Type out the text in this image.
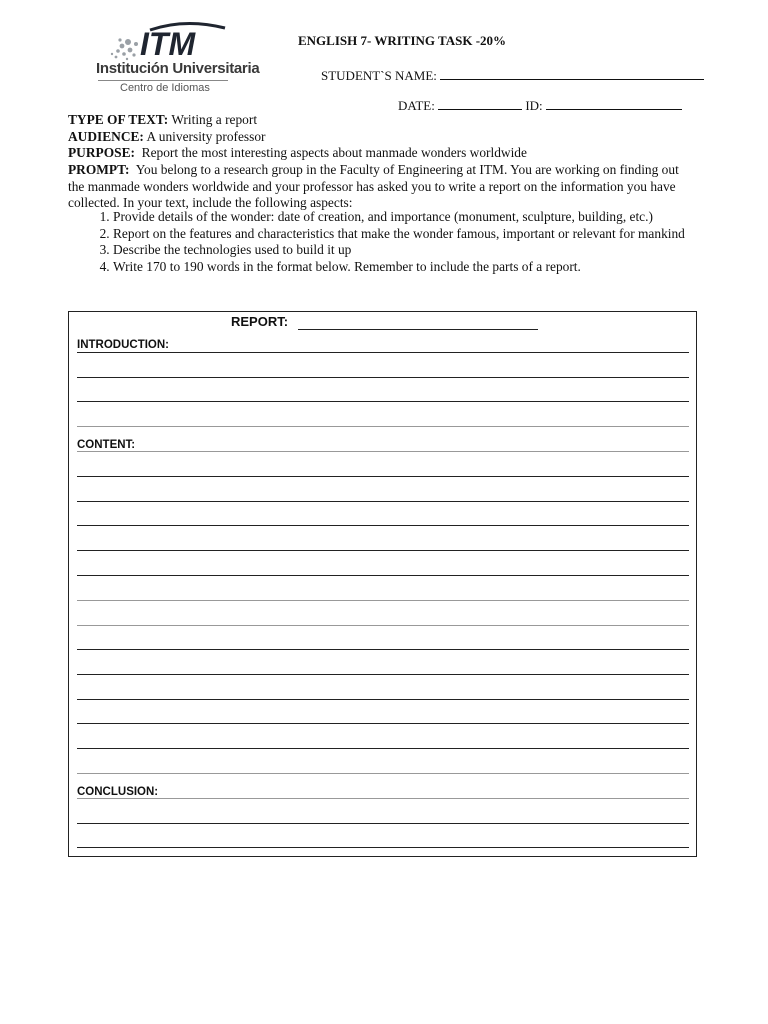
ITM
Institución Universitaria
Centro de Idiomas
ENGLISH 7- WRITING TASK -20%
STUDENT`S NAME:
DATE:	ID:
TYPE OF TEXT: Writing a report
AUDIENCE: A university professor
PURPOSE: Report the most interesting aspects about manmade wonders worldwide
PROMPT: You belong to a research group in the Faculty of Engineering at ITM. You are working on finding out the manmade wonders worldwide and your professor has asked you to write a report on the information you have collected. In your text, include the following aspects:
1. Provide details of the wonder: date of creation, and importance (monument, sculpture, building, etc.)
2. Report on the features and characteristics that make the wonder famous, important or relevant for mankind
3. Describe the technologies used to build it up
4. Write 170 to 190 words in the format below. Remember to include the parts of a report.
REPORT:
INTRODUCTION:
CONTENT:
CONCLUSION:
